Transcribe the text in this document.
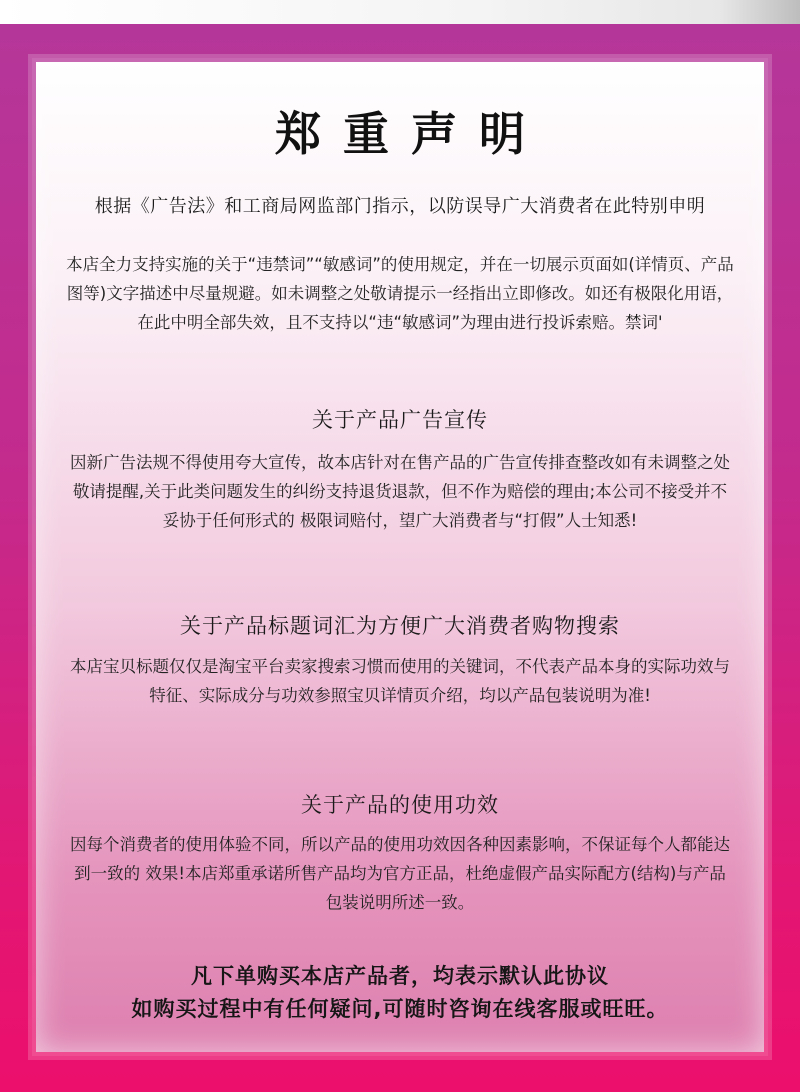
郑重声明
根据《广告法》和工商局网监部门指示，以防误导广大消费者在此特别申明
本店全力支持实施的关于“违禁词”“敏感词”的使用规定，并在一切展示页面如(详情页、产品图等)文字描述中尽量规避。如未调整之处敬请提示一经指出立即修改。如还有极限化用语，在此中明全部失效，且不支持以“违“敏感词”为理由进行投诉索赔。禁词'
关于产品广告宣传
因新广告法规不得使用夸大宣传，故本店针对在售产品的广告宣传排查整改如有未调整之处敬请提醒,关于此类问题发生的纠纷支持退货退款，但不作为赔偿的理由;本公司不接受并不妥协于任何形式的 极限词赔付，望广大消费者与“打假”人士知悉!
关于产品标题词汇为方便广大消费者购物搜索
本店宝贝标题仅仅是淘宝平台卖家搜索习惯而使用的关键词，不代表产品本身的实际功效与特征、实际成分与功效参照宝贝详情页介绍，均以产品包装说明为准!
关于产品的使用功效
因每个消费者的使用体验不同，所以产品的使用功效因各种因素影响，不保证每个人都能达到一致的 效果!本店郑重承诺所售产品均为官方正品，杜绝虚假产品实际配方(结构)与产品包装说明所述一致。
凡下单购买本店产品者，均表示默认此协议
如购买过程中有任何疑问,可随时咨询在线客服或旺旺。
